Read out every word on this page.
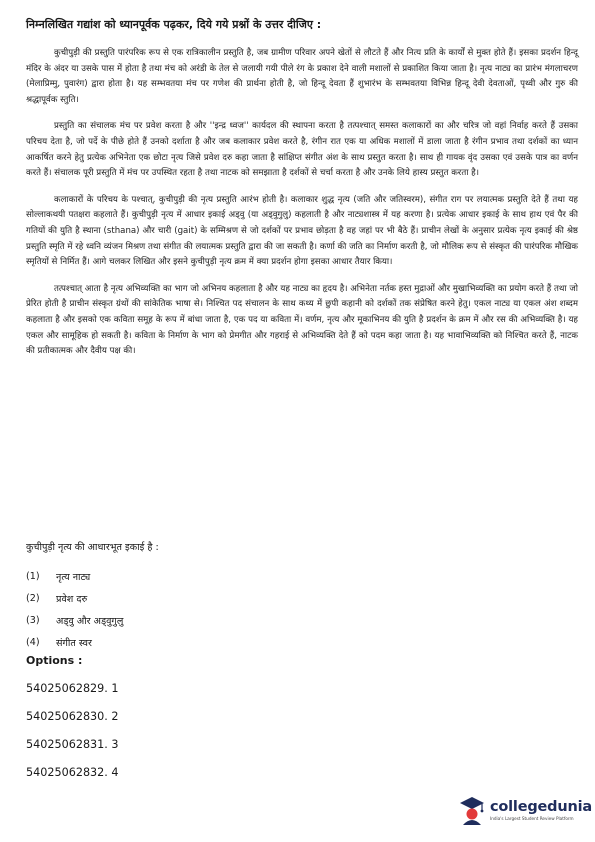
निम्नलिखित गद्यांश को ध्यानपूर्वक पढ़कर, दिये गये प्रश्नों के उत्तर दीजिए :

कुचीपुड़ी की प्रस्तुति पारंपरिक रूप से एक रात्रिकालीन प्रस्तुति है, जब ग्रामीण परिवार अपने खेतों से लौटते हैं और नित्य प्रति के कार्यों से मुक्त होते हैं। इसका प्रदर्शन हिन्दू मंदिर के अंदर या उसके पास में होता है तथा मंच को अरंडी के तेल से जलायी गयी पीले रंग के प्रकाश देने वाली मशालों से प्रकाशित किया जाता है। नृत्य नाट्य का प्रारंभ मंगलाचरण (मेलाप्रिम्मु, पुवारंग) द्वारा होता है। यह सम्भवतया मंच पर गणेश की प्रार्थना होती है, जो हिन्दू देवता हैं शुभारंभ के सम्भवतया विभिन्न हिन्दू देवी देवताओं, पृथ्वी और गुरु की श्रद्धापूर्वक स्तुति।

प्रस्तुति का संचालक मंच पर प्रवेश करता है और ''इन्द्र ध्वज'' कार्यदल की स्थापना करता है तत्पश्चात् समस्त कलाकारों का और चरित्र जो वहां निर्वाह करते हैं उसका परिचय देता है, जो पर्दे के पीछे होते हैं उनको दर्शाता है और जब कलाकार प्रवेश करते है, रंगीन रात एक या अधिक मशालों में डाला जाता है रंगीन प्रभाव तथा दर्शकों का ध्यान आकर्षित करने हेतु प्रत्येक अभिनेता एक छोटा नृत्य जिसे प्रवेश दरु कहा जाता है सांक्षिप्त संगीत अंश के साथ प्रस्तुत करता है। साथ ही गायक वृंद उसका एवं उसके पात्र का वर्णन करते हैं। संचालक पूरी प्रस्तुति में मंच पर उपस्थित रहता है तथा नाटक को समझाता है दर्शकों से चर्चा करता है और उनके लिये हास्य प्रस्तुत करता है।

कलाकारों के परिचय के पश्चात्, कुचीपुड़ी की नृत्य प्रस्तुति आरंभ होती है। कलाकार शुद्ध नृत्य (जति और जतिस्वरम), संगीत राग पर लयात्मक प्रस्तुति देते हैं तथा यह सोल्लाकथयी पतक्षरा कहलाते हैं। कुचीपुड़ी नृत्य में आधार इकाई अड्वु (या अड्वुगुलु) कहलाती है और नाट्यशास्त्र में यह करणा है। प्रत्येक आधार इकाई के साथ हाथ एवं पैर की गतियों की युति है स्थाना (sthana) और चारी (gait) के सम्मिश्रण से जो दर्शकों पर प्रभाव छोड़ता है वह जहां पर भी बैठे हैं। प्राचीन लेखों के अनुसार प्रत्येक नृत्य इकाई की श्रेष्ठ प्रस्तुति स्मृति में रहे ध्वनि व्यंजन मिश्रण तथा संगीत की लयात्मक प्रस्तुति द्वारा की जा सकती है। कर्णा की जति का निर्माण करती है, जो मौलिक रूप से संस्कृत की पारंपरिक मौखिक स्मृतियों से निर्मित हैं। आगे चलकर लिखित और इसने कुचीपुड़ी नृत्य क्रम में क्या प्रदर्शन होगा इसका आधार तैयार किया।

तत्पश्चात् आता है नृत्य अभिव्यक्ति का भाग जो अभिनय कहलाता है और यह नाट्य का हृदय है। अभिनेता नर्तक हस्त मुद्राओं और मुखाभिव्यक्ति का प्रयोग करते हैं तथा जो प्रेरित होती है प्राचीन संस्कृत ग्रंथों की सांकेतिक भाषा से। निश्चित पद संचालन के साथ कथ्य में छुपी कहानी को दर्शकों तक संप्रेषित करने हेतु। एकल नाट्य या एकल अंश शब्दम कहलाता है और इसको एक कविता समूह के रूप में बांधा जाता है, एक पद या कविता में। वर्णम, नृत्य और मूकाभिनय की युति है प्रदर्शन के क्रम में और रस की अभिव्यक्ति है। यह एकल और सामूहिक हो सकती है। कविता के निर्माण के भाग को प्रेमगीत और गहराई से अभिव्यक्ति देते हैं को पदम कहा जाता है। यह भावाभिव्यक्ति को निश्चित करते हैं, नाटक की प्रतीकात्मक और दैवीय पक्ष की।

कुचीपुड़ी नृत्य की आधारभूत इकाई है :
(1)	नृत्य नाट्य
(2)	प्रवेश दरु
(3)	अड्वु और अड्वुगुलु
(4)	संगीत स्वर
Options :
54025062829. 1
54025062830. 2
54025062831. 3
54025062832. 4
collegedunia
India's Largest Student Review Platform
